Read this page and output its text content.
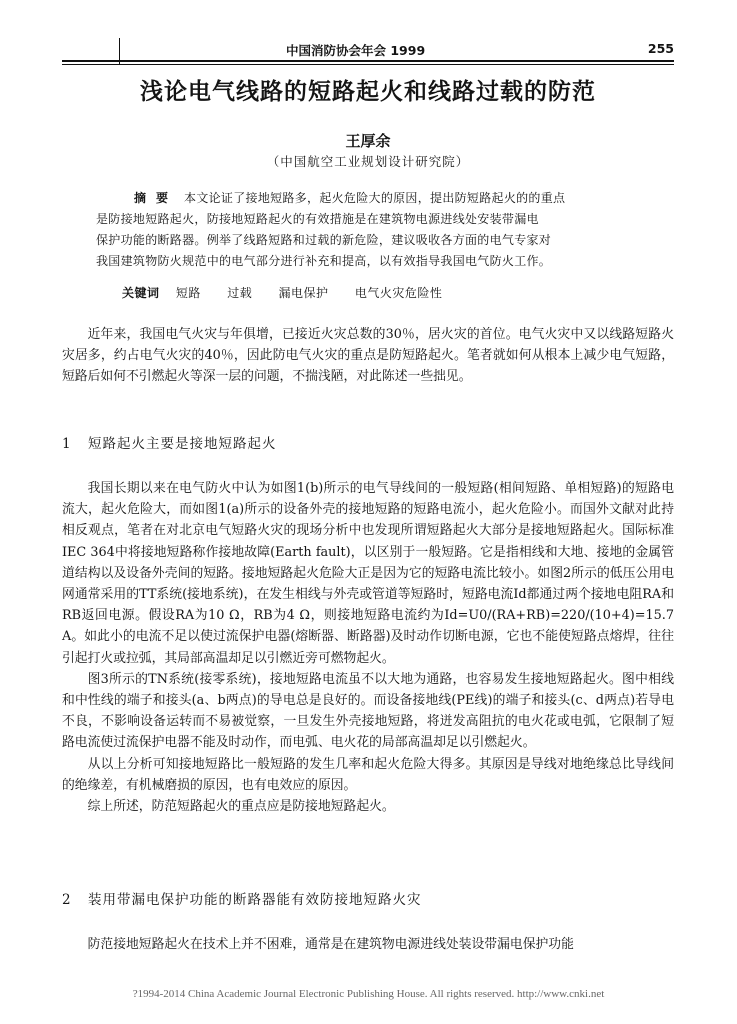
中国消防协会年会 1999	255
浅论电气线路的短路起火和线路过载的防范
王厚余
（中国航空工业规划设计研究院）
摘要 本文论证了接地短路多，起火危险大的原因，提出防短路起火的的重点
是防接地短路起火，防接地短路起火的有效措施是在建筑物电源进线处安装带漏电
保护功能的断路器。例举了线路短路和过载的新危险，建议吸收各方面的电气专家对
我国建筑物防火规范中的电气部分进行补充和提高，以有效指导我国电气防火工作。
关键词 短路 过载 漏电保护 电气火灾危险性

近年来，我国电气火灾与年俱增，已接近火灾总数的30％，居火灾的首位。电气火灾中又以线路短路火灾居多，约占电气火灾的40％，因此防电气火灾的重点是防短路起火。笔者就如何从根本上减少电气短路，短路后如何不引燃起火等深一层的问题，不揣浅陋，对此陈述一些拙见。

1 短路起火主要是接地短路起火

我国长期以来在电气防火中认为如图1(b)所示的电气导线间的一般短路(相间短路、单相短路)的短路电流大，起火危险大，而如图1(a)所示的设备外壳的接地短路的短路电流小，起火危险小。而国外文献对此持相反观点，笔者在对北京电气短路火灾的现场分析中也发现所谓短路起火大部分是接地短路起火。国际标准IEC 364中将接地短路称作接地故障(Earth fault)，以区别于一般短路。它是指相线和大地、接地的金属管道结构以及设备外壳间的短路。接地短路起火危险大正是因为它的短路电流比较小。如图2所示的低压公用电网通常采用的TT系统(接地系统)，在发生相线与外壳或管道等短路时，短路电流Id都通过两个接地电阻RA和RB返回电源。假设RA为10 Ω，RB为4 Ω，则接地短路电流约为Id=U0/(RA+RB)=220/(10+4)=15.7 A。如此小的电流不足以使过流保护电器(熔断器、断路器)及时动作切断电源，它也不能使短路点熔焊，往往引起打火或拉弧，其局部高温却足以引燃近旁可燃物起火。

图3所示的TN系统(接零系统)，接地短路电流虽不以大地为通路，也容易发生接地短路起火。图中相线和中性线的端子和接头(a、b两点)的导电总是良好的。而设备接地线(PE线)的端子和接头(c、d两点)若导电不良，不影响设备运转而不易被觉察，一旦发生外壳接地短路，将迸发高阻抗的电火花或电弧，它限制了短路电流使过流保护电器不能及时动作，而电弧、电火花的局部高温却足以引燃起火。

从以上分析可知接地短路比一般短路的发生几率和起火危险大得多。其原因是导线对地绝缘总比导线间的绝缘差，有机械磨损的原因，也有电效应的原因。

综上所述，防范短路起火的重点应是防接地短路起火。

2 装用带漏电保护功能的断路器能有效防接地短路火灾

防范接地短路起火在技术上并不困难，通常是在建筑物电源进线处装设带漏电保护功能

?1994-2014 China Academic Journal Electronic Publishing House. All rights reserved. http://www.cnki.net
